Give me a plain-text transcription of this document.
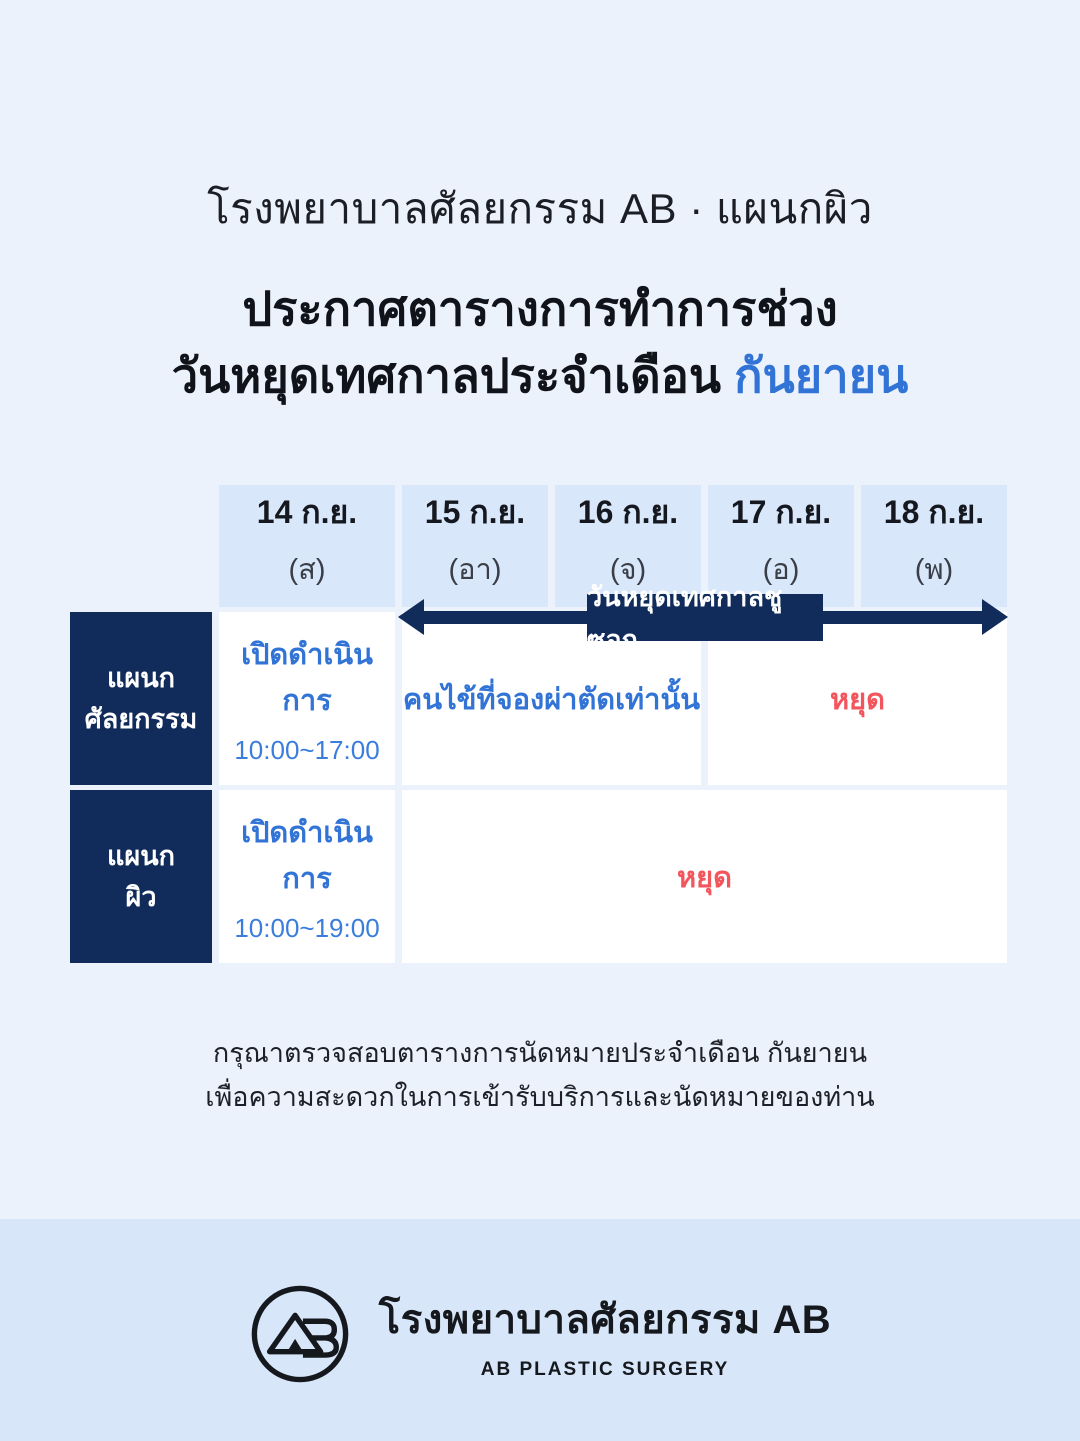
โรงพยาบาลศัลยกรรม AB · แผนกผิว
ประกาศตารางการทำการช่วง
วันหยุดเทศกาลประจำเดือน กันยายน
14 ก.ย.
(ส)
15 ก.ย.
(อา)
16 ก.ย.
(จ)
17 ก.ย.
(อ)
18 ก.ย.
(พ)
แผนก
ศัลยกรรม
เปิดดำเนินการ
10:00~17:00
คนไข้ที่จองผ่าตัดเท่านั้น	หยุด
แผนก
ผิว
เปิดดำเนินการ
10:00~19:00
หยุด
วันหยุดเทศกาลชูซอก
กรุณาตรวจสอบตารางการนัดหมายประจำเดือน กันยายน
เพื่อความสะดวกในการเข้ารับบริการและนัดหมายของท่าน
โรงพยาบาลศัลยกรรม AB
AB PLASTIC SURGERY
